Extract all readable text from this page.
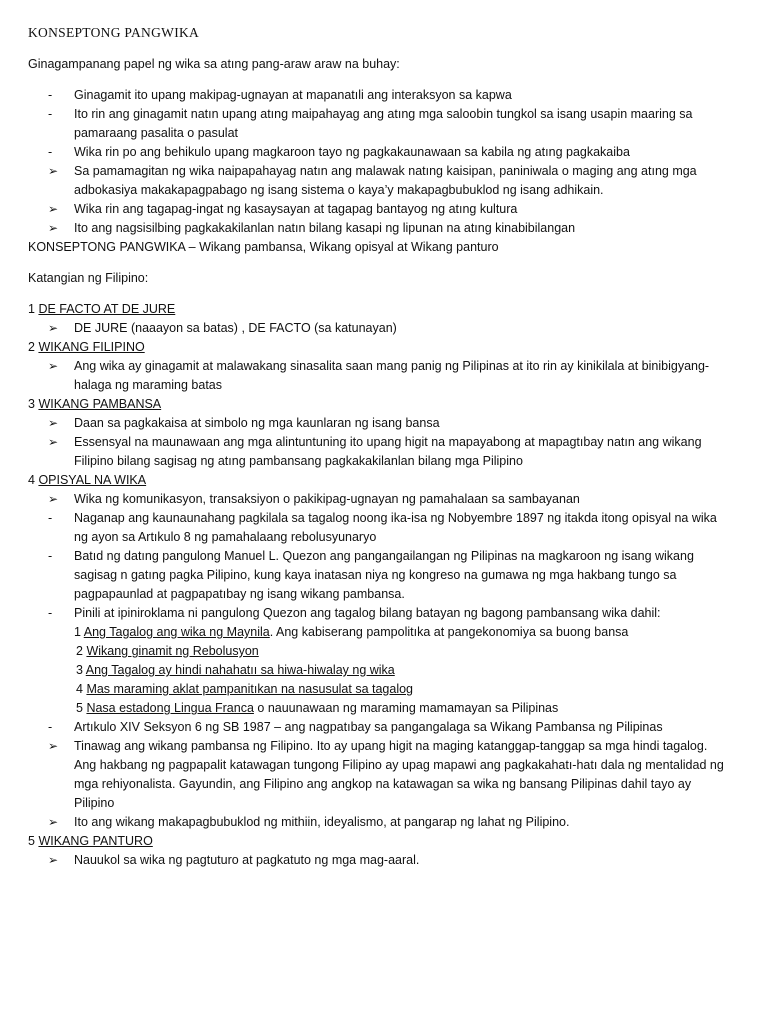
KONSEPTONG PANGWIKA

Ginagampanang papel ng wika sa atıng pang-araw araw na buhay:

-
Ginagamit ito upang makipag-ugnayan at mapanatıli ang interaksyon sa kapwa
-
Ito rin ang ginagamit natın upang atıng maipahayag ang atıng mga saloobin tungkol sa isang usapin maaring sa pamaraang pasalita o pasulat
-
Wika rin po ang behikulo upang magkaroon tayo ng pagkakaunawaan sa kabila ng atıng pagkakaiba
➢	Sa pamamagitan ng wika naipapahayag natın ang malawak natıng kaisipan, paniniwala o maging ang atıng mga adbokasiya makakapagpabago ng isang sistema o kaya’y makapagbubuklod ng isang adhikain.
➢	Wika rin ang tagapag-ingat ng kasaysayan at tagapag bantayog ng atıng kultura
➢	Ito ang nagsisilbing pagkakakilanlan natın bilang kasapi ng lipunan na atıng kinabibilangan

KONSEPTONG PANGWIKA – Wikang pambansa, Wikang opisyal at Wikang panturo

Katangian ng Filipino:

1 DE FACTO AT DE JURE

➢	DE JURE (naaayon sa batas) , DE FACTO (sa katunayan)

2 WIKANG FILIPINO

➢	Ang wika ay ginagamit at malawakang sinasalita saan mang panig ng Pilipinas at ito rin ay kinikilala at binibigyang-halaga ng maraming batas

3 WIKANG PAMBANSA

➢	Daan sa pagkakaisa at simbolo ng mga kaunlaran ng isang bansa
➢	Essensyal na maunawaan ang mga alintuntuning ito upang higit na mapayabong at mapagtıbay natın ang wikang Filipino bilang sagisag ng atıng pambansang pagkakakilanlan bilang mga Pilipino

4 OPISYAL NA WIKA

➢	Wika ng komunikasyon, transaksiyon o pakikipag-ugnayan ng pamahalaan sa sambayanan
-
Naganap ang kaunaunahang pagkilala sa tagalog noong ika-isa ng Nobyembre 1897 ng itakda itong opisyal na wika ng ayon sa Artıkulo 8 ng pamahalaang rebolusyunaryo
-
Batıd ng datıng pangulong Manuel L. Quezon ang pangangailangan ng Pilipinas na magkaroon ng isang wikang sagisag n gatıng pagka Pilipino, kung kaya inatasan niya ng kongreso na gumawa ng mga hakbang tungo sa pagpapaunlad at pagpapatıbay ng isang wikang pambansa.
-
Pinili at ipiniroklama ni pangulong Quezon ang tagalog bilang batayan ng bagong pambansang wika dahil:
1 Ang Tagalog ang wika ng Maynila. Ang kabiserang pampolitıka at pangekonomiya sa buong bansa
2 Wikang ginamit ng Rebolusyon
3 Ang Tagalog ay hindi nahahatıı sa hiwa-hiwalay ng wika
4 Mas maraming aklat pampanitıkan na nasusulat sa tagalog
5 Nasa estadong Lingua Franca o nauunawaan ng maraming mamamayan sa Pilipinas
-
Artıkulo XIV Seksyon 6 ng SB 1987 – ang nagpatıbay sa pangangalaga sa Wikang Pambansa ng Pilipinas
➢	Tinawag ang wikang pambansa ng Filipino. Ito ay upang higit na maging katanggap-tanggap sa mga hindi tagalog. Ang hakbang ng pagpapalit katawagan tungong Filipino ay upag mapawi ang pagkakahatı-hatı dala ng mentalidad ng mga rehiyonalista. Gayundin, ang Filipino ang angkop na katawagan sa wika ng bansang Pilipinas dahil tayo ay Pilipino
➢	Ito ang wikang makapagbubuklod ng mithiin, ideyalismo, at pangarap ng lahat ng Pilipino.

5 WIKANG PANTURO

➢	Nauukol sa wika ng pagtuturo at pagkatuto ng mga mag-aaral.
